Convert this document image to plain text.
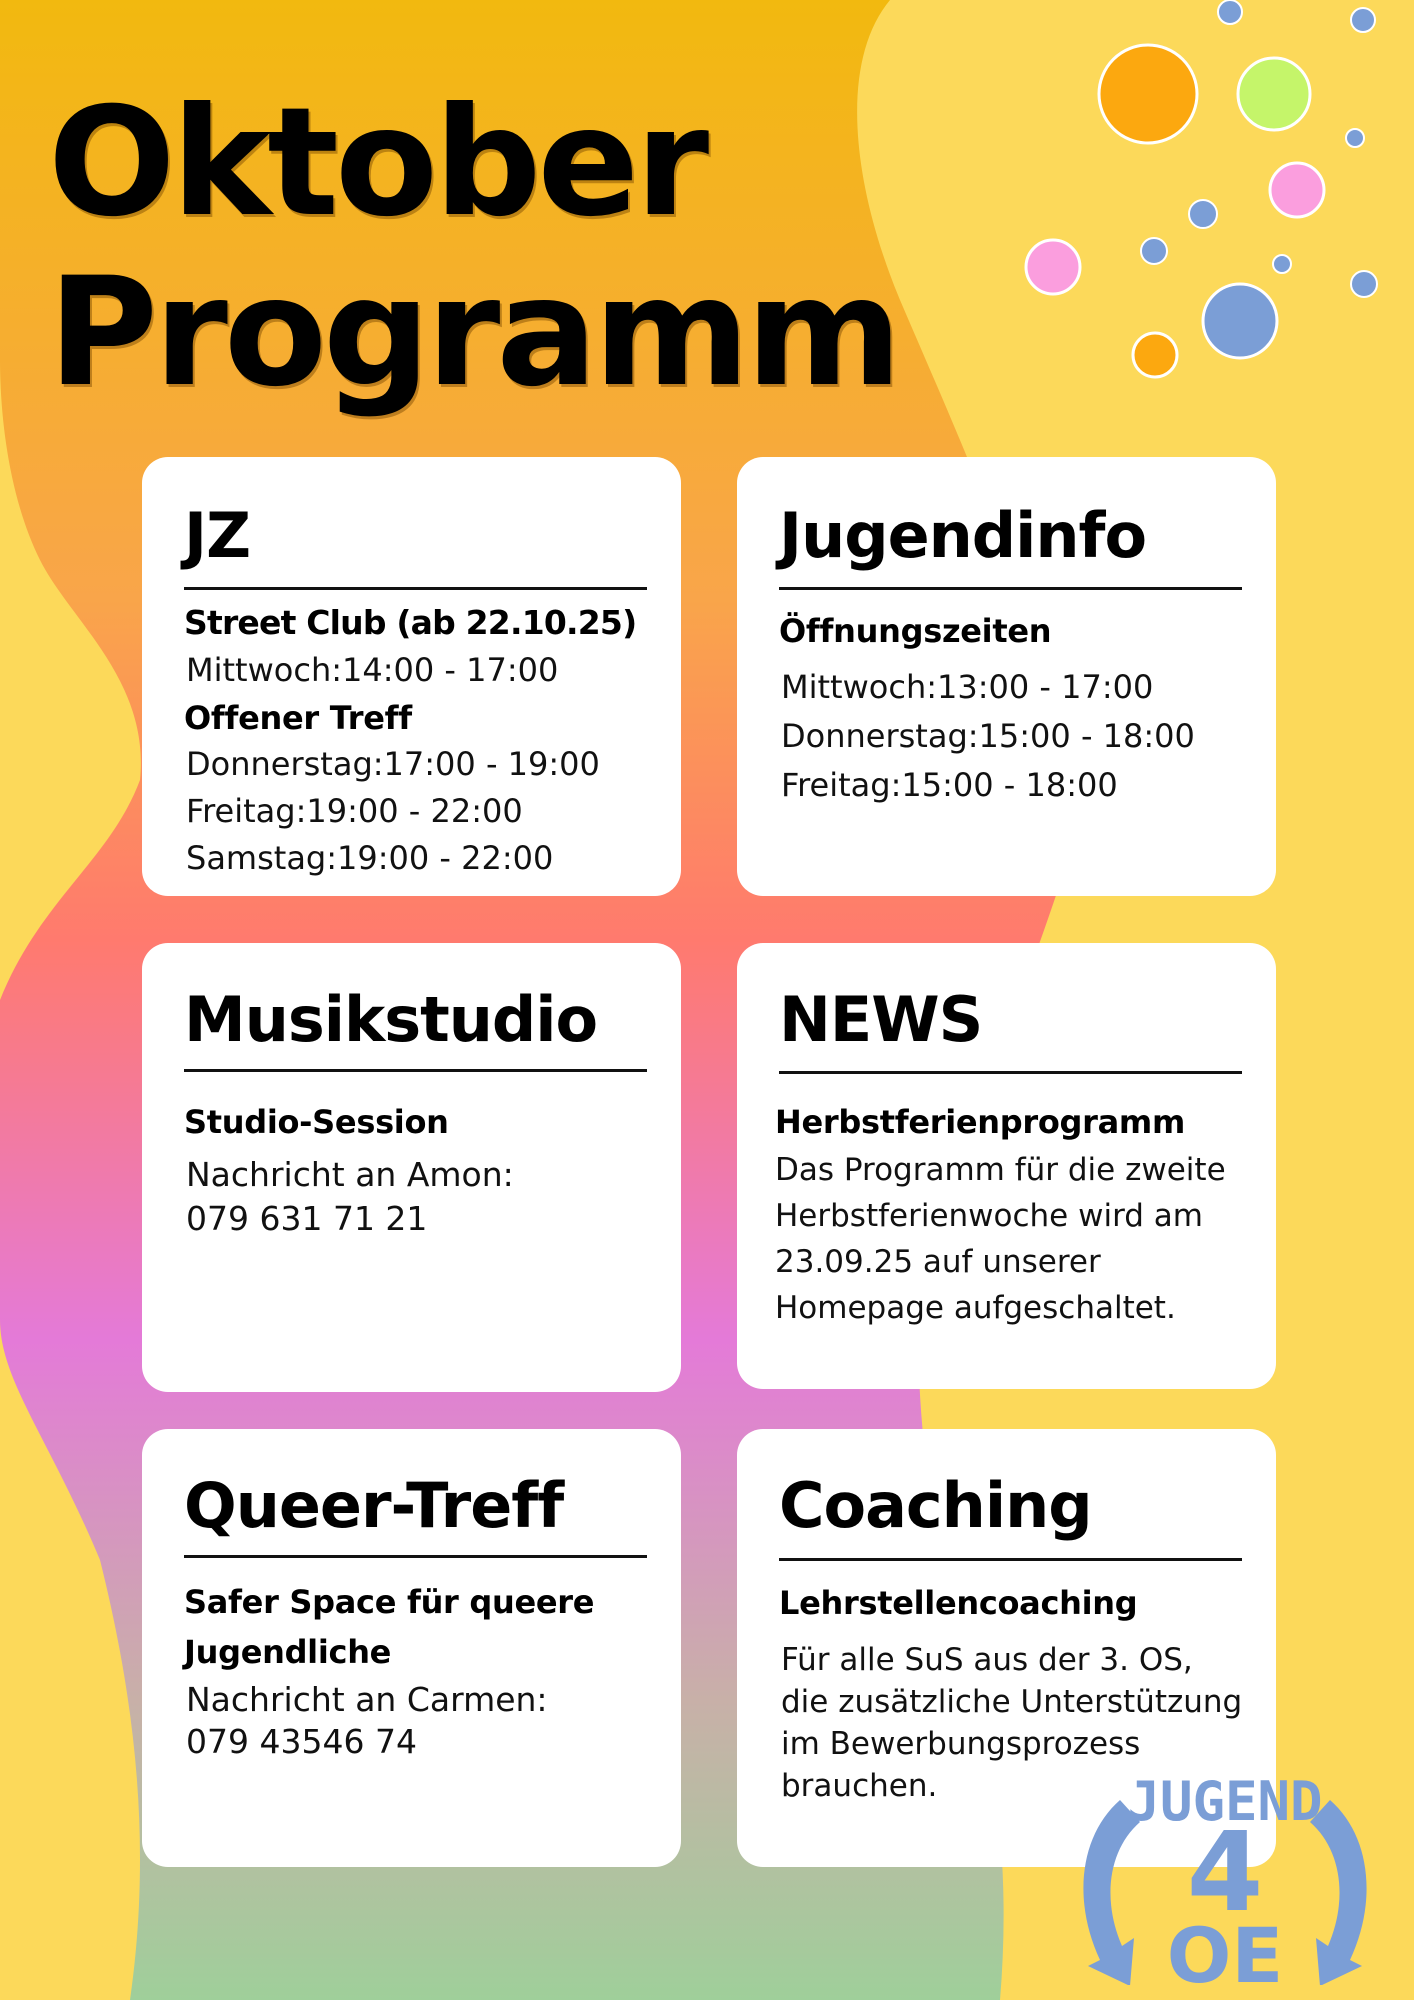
Oktober
Programm
JZ
Street Club (ab 22.10.25)
Mittwoch:14:00 - 17:00
Offener Treff
Donnerstag:17:00 - 19:00
Freitag:19:00 - 22:00
Samstag:19:00 - 22:00
Jugendinfo
Öffnungszeiten
Mittwoch:13:00 - 17:00
Donnerstag:15:00 - 18:00
Freitag:15:00 - 18:00
Musikstudio
Studio-Session
Nachricht an Amon:
079 631 71 21
NEWS
Herbstferienprogramm
Das Programm für die zweite
Herbstferienwoche wird am
23.09.25 auf unserer
Homepage aufgeschaltet.
Queer-Treff
Safer Space für queere
Jugendliche
Nachricht an Carmen:
079 43546 74
Coaching
Lehrstellencoaching
Für alle SuS aus der 3. OS,
die zusätzliche Unterstützung
im Bewerbungsprozess
brauchen.	JUGEND
4
OE
